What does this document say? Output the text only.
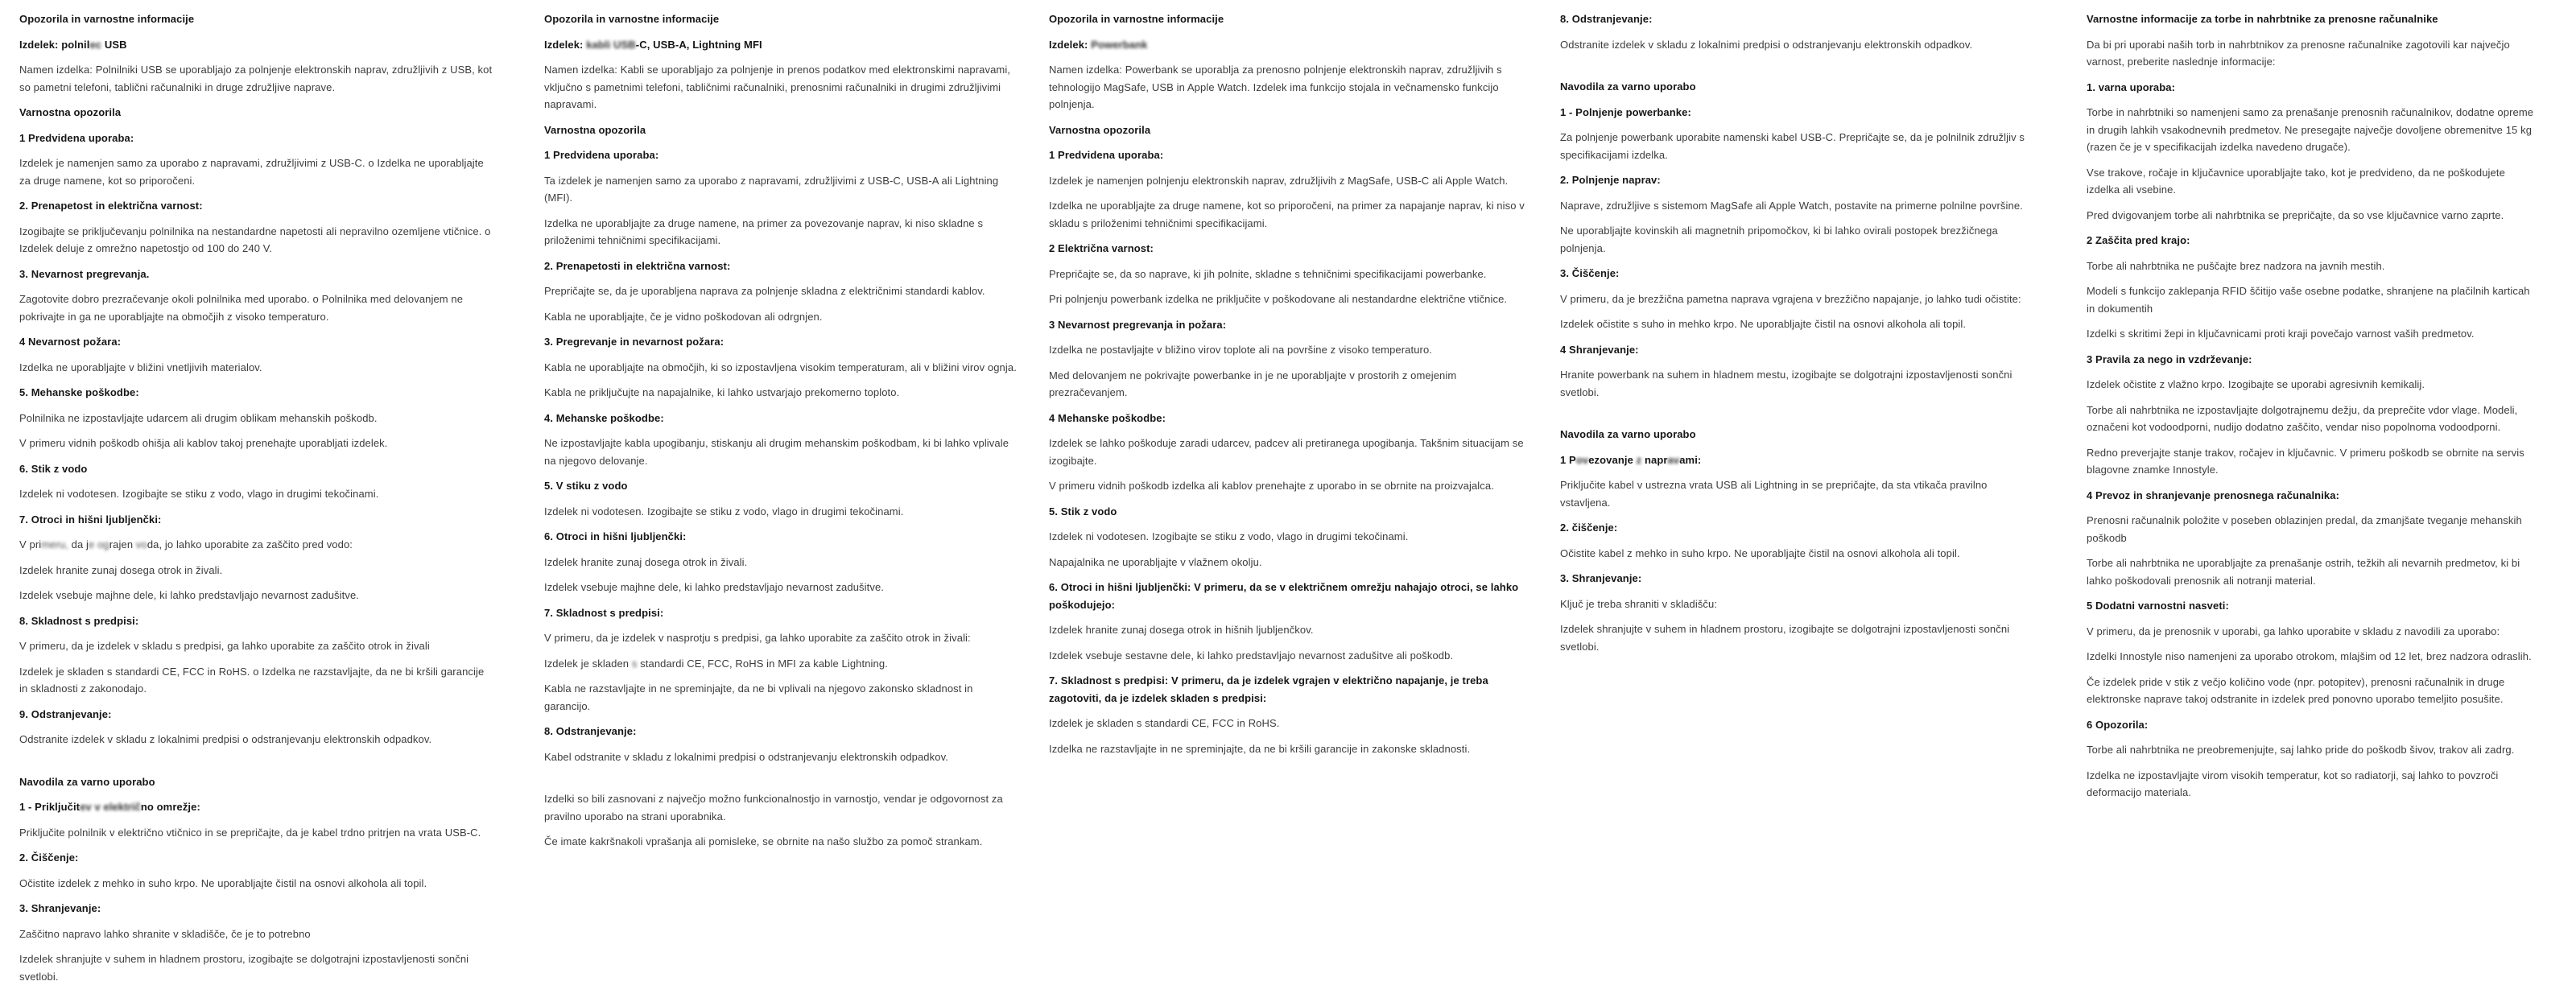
Opozorila in varnostne informacije
Izdelek: polnilec USB
Namen izdelka: Polnilniki USB se uporabljajo za polnjenje elektronskih naprav, združljivih z USB, kot so pametni telefoni, tablični računalniki in druge združljive naprave.
Varnostna opozorila
1 Predvidena uporaba:
Izdelek je namenjen samo za uporabo z napravami, združljivimi z USB-C. o Izdelka ne uporabljajte za druge namene, kot so priporočeni.
2. Prenapetost in električna varnost:
Izogibajte se priključevanju polnilnika na nestandardne napetosti ali nepravilno ozemljene vtičnice. o Izdelek deluje z omrežno napetostjo od 100 do 240 V.
3. Nevarnost pregrevanja.
Zagotovite dobro prezračevanje okoli polnilnika med uporabo. o Polnilnika med delovanjem ne pokrivajte in ga ne uporabljajte na območjih z visoko temperaturo.
4 Nevarnost požara:
Izdelka ne uporabljajte v bližini vnetljivih materialov.
5. Mehanske poškodbe:
Polnilnika ne izpostavljajte udarcem ali drugim oblikam mehanskih poškodb.
V primeru vidnih poškodb ohišja ali kablov takoj prenehajte uporabljati izdelek.
6. Stik z vodo
Izdelek ni vodotesen. Izogibajte se stiku z vodo, vlago in drugimi tekočinami.
7. Otroci in hišni ljubljenčki:
V primeru, da je ograjen voda, jo lahko uporabite za zaščito pred vodo:
Izdelek hranite zunaj dosega otrok in živali.
Izdelek vsebuje majhne dele, ki lahko predstavljajo nevarnost zadušitve.
8. Skladnost s predpisi:
V primeru, da je izdelek v skladu s predpisi, ga lahko uporabite za zaščito otrok in živali
Izdelek je skladen s standardi CE, FCC in RoHS. o Izdelka ne razstavljajte, da ne bi kršili garancije in skladnosti z zakonodajo.
9. Odstranjevanje:
Odstranite izdelek v skladu z lokalnimi predpisi o odstranjevanju elektronskih odpadkov.
Navodila za varno uporabo
1 - Priključitev v električno omrežje:
Priključite polnilnik v električno vtičnico in se prepričajte, da je kabel trdno pritrjen na vrata USB-C.
2. Čiščenje:
Očistite izdelek z mehko in suho krpo. Ne uporabljajte čistil na osnovi alkohola ali topil.
3. Shranjevanje:
Zaščitno napravo lahko shranite v skladišče, če je to potrebno
Izdelek shranjujte v suhem in hladnem prostoru, izogibajte se dolgotrajni izpostavljenosti sončni svetlobi.
Opozorila in varnostne informacije
Izdelek: kabli USB-C, USB-A, Lightning MFI
Namen izdelka: Kabli se uporabljajo za polnjenje in prenos podatkov med elektronskimi napravami, vključno s pametnimi telefoni, tabličnimi računalniki, prenosnimi računalniki in drugimi združljivimi napravami.
Varnostna opozorila
1 Predvidena uporaba:
Ta izdelek je namenjen samo za uporabo z napravami, združljivimi z USB-C, USB-A ali Lightning (MFI).
Izdelka ne uporabljajte za druge namene, na primer za povezovanje naprav, ki niso skladne s priloženimi tehničnimi specifikacijami.
2. Prenapetosti in električna varnost:
Prepričajte se, da je uporabljena naprava za polnjenje skladna z električnimi standardi kablov.
Kabla ne uporabljajte, če je vidno poškodovan ali odrgnjen.
3. Pregrevanje in nevarnost požara:
Kabla ne uporabljajte na območjih, ki so izpostavljena visokim temperaturam, ali v bližini virov ognja.
Kabla ne priključujte na napajalnike, ki lahko ustvarjajo prekomerno toploto.
4. Mehanske poškodbe:
Ne izpostavljajte kabla upogibanju, stiskanju ali drugim mehanskim poškodbam, ki bi lahko vplivale na njegovo delovanje.
5. V stiku z vodo
Izdelek ni vodotesen. Izogibajte se stiku z vodo, vlago in drugimi tekočinami.
6. Otroci in hišni ljubljenčki:
Izdelek hranite zunaj dosega otrok in živali.
Izdelek vsebuje majhne dele, ki lahko predstavljajo nevarnost zadušitve.
7. Skladnost s predpisi:
V primeru, da je izdelek v nasprotju s predpisi, ga lahko uporabite za zaščito otrok in živali:
Izdelek je skladen s standardi CE, FCC, RoHS in MFI za kable Lightning.
Kabla ne razstavljajte in ne spreminjajte, da ne bi vplivali na njegovo zakonsko skladnost in garancijo.
8. Odstranjevanje:
Kabel odstranite v skladu z lokalnimi predpisi o odstranjevanju elektronskih odpadkov.
Izdelki so bili zasnovani z največjo možno funkcionalnostjo in varnostjo, vendar je odgovornost za pravilno uporabo na strani uporabnika.
Če imate kakršnakoli vprašanja ali pomisleke, se obrnite na našo službo za pomoč strankam.
Opozorila in varnostne informacije
Izdelek: Powerbank
Namen izdelka: Powerbank se uporablja za prenosno polnjenje elektronskih naprav, združljivih s tehnologijo MagSafe, USB in Apple Watch. Izdelek ima funkcijo stojala in večnamensko funkcijo polnjenja.
Varnostna opozorila
1 Predvidena uporaba:
Izdelek je namenjen polnjenju elektronskih naprav, združljivih z MagSafe, USB-C ali Apple Watch.
Izdelka ne uporabljajte za druge namene, kot so priporočeni, na primer za napajanje naprav, ki niso v skladu s priloženimi tehničnimi specifikacijami.
2 Električna varnost:
Prepričajte se, da so naprave, ki jih polnite, skladne s tehničnimi specifikacijami powerbanke.
Pri polnjenju powerbank izdelka ne priključite v poškodovane ali nestandardne električne vtičnice.
3 Nevarnost pregrevanja in požara:
Izdelka ne postavljajte v bližino virov toplote ali na površine z visoko temperaturo.
Med delovanjem ne pokrivajte powerbanke in je ne uporabljajte v prostorih z omejenim prezračevanjem.
4 Mehanske poškodbe:
Izdelek se lahko poškoduje zaradi udarcev, padcev ali pretiranega upogibanja. Takšnim situacijam se izogibajte.
V primeru vidnih poškodb izdelka ali kablov prenehajte z uporabo in se obrnite na proizvajalca.
5. Stik z vodo
Izdelek ni vodotesen. Izogibajte se stiku z vodo, vlago in drugimi tekočinami.
Napajalnika ne uporabljajte v vlažnem okolju.
6. Otroci in hišni ljubljenčki: V primeru, da se v električnem omrežju nahajajo otroci, se lahko poškodujejo:
Izdelek hranite zunaj dosega otrok in hišnih ljubljenčkov.
Izdelek vsebuje sestavne dele, ki lahko predstavljajo nevarnost zadušitve ali poškodb.
7. Skladnost s predpisi: V primeru, da je izdelek vgrajen v električno napajanje, je treba zagotoviti, da je izdelek skladen s predpisi:
Izdelek je skladen s standardi CE, FCC in RoHS.
Izdelka ne razstavljajte in ne spreminjajte, da ne bi kršili garancije in zakonske skladnosti.
8. Odstranjevanje:
Odstranite izdelek v skladu z lokalnimi predpisi o odstranjevanju elektronskih odpadkov.
Navodila za varno uporabo
1 - Polnjenje powerbanke:
Za polnjenje powerbank uporabite namenski kabel USB-C. Prepričajte se, da je polnilnik združljiv s specifikacijami izdelka.
2. Polnjenje naprav:
Naprave, združljive s sistemom MagSafe ali Apple Watch, postavite na primerne polnilne površine.
Ne uporabljajte kovinskih ali magnetnih pripomočkov, ki bi lahko ovirali postopek brezžičnega polnjenja.
3. Čiščenje:
V primeru, da je brezžična pametna naprava vgrajena v brezžično napajanje, jo lahko tudi očistite:
Izdelek očistite s suho in mehko krpo. Ne uporabljajte čistil na osnovi alkohola ali topil.
4 Shranjevanje:
Hranite powerbank na suhem in hladnem mestu, izogibajte se dolgotrajni izpostavljenosti sončni svetlobi.
Navodila za varno uporabo
1 Povezovanje z napravami:
Priključite kabel v ustrezna vrata USB ali Lightning in se prepričajte, da sta vtikača pravilno vstavljena.
2. čiščenje:
Očistite kabel z mehko in suho krpo. Ne uporabljajte čistil na osnovi alkohola ali topil.
3. Shranjevanje:
Ključ je treba shraniti v skladišču:
Izdelek shranjujte v suhem in hladnem prostoru, izogibajte se dolgotrajni izpostavljenosti sončni svetlobi.
Varnostne informacije za torbe in nahrbtnike za prenosne računalnike
Da bi pri uporabi naših torb in nahrbtnikov za prenosne računalnike zagotovili kar največjo varnost, preberite naslednje informacije:
1. varna uporaba:
Torbe in nahrbtniki so namenjeni samo za prenašanje prenosnih računalnikov, dodatne opreme in drugih lahkih vsakodnevnih predmetov. Ne presegajte največje dovoljene obremenitve 15 kg (razen če je v specifikacijah izdelka navedeno drugače).
Vse trakove, ročaje in ključavnice uporabljajte tako, kot je predvideno, da ne poškodujete izdelka ali vsebine.
Pred dvigovanjem torbe ali nahrbtnika se prepričajte, da so vse ključavnice varno zaprte.
2 Zaščita pred krajo:
Torbe ali nahrbtnika ne puščajte brez nadzora na javnih mestih.
Modeli s funkcijo zaklepanja RFID ščitijo vaše osebne podatke, shranjene na plačilnih karticah in dokumentih
Izdelki s skritimi žepi in ključavnicami proti kraji povečajo varnost vaših predmetov.
3 Pravila za nego in vzdrževanje:
Izdelek očistite z vlažno krpo. Izogibajte se uporabi agresivnih kemikalij.
Torbe ali nahrbtnika ne izpostavljajte dolgotrajnemu dežju, da preprečite vdor vlage. Modeli, označeni kot vodoodporni, nudijo dodatno zaščito, vendar niso popolnoma vodoodporni.
Redno preverjajte stanje trakov, ročajev in ključavnic. V primeru poškodb se obrnite na servis blagovne znamke Innostyle.
4 Prevoz in shranjevanje prenosnega računalnika:
Prenosni računalnik položite v poseben oblazinjen predal, da zmanjšate tveganje mehanskih poškodb
Torbe ali nahrbtnika ne uporabljajte za prenašanje ostrih, težkih ali nevarnih predmetov, ki bi lahko poškodovali prenosnik ali notranji material.
5 Dodatni varnostni nasveti:
V primeru, da je prenosnik v uporabi, ga lahko uporabite v skladu z navodili za uporabo:
Izdelki Innostyle niso namenjeni za uporabo otrokom, mlajšim od 12 let, brez nadzora odraslih.
Če izdelek pride v stik z večjo količino vode (npr. potopitev), prenosni računalnik in druge elektronske naprave takoj odstranite in izdelek pred ponovno uporabo temeljito posušite.
6 Opozorila:
Torbe ali nahrbtnika ne preobremenjujte, saj lahko pride do poškodb šivov, trakov ali zadrg.
Izdelka ne izpostavljajte virom visokih temperatur, kot so radiatorji, saj lahko to povzroči deformacijo materiala.
